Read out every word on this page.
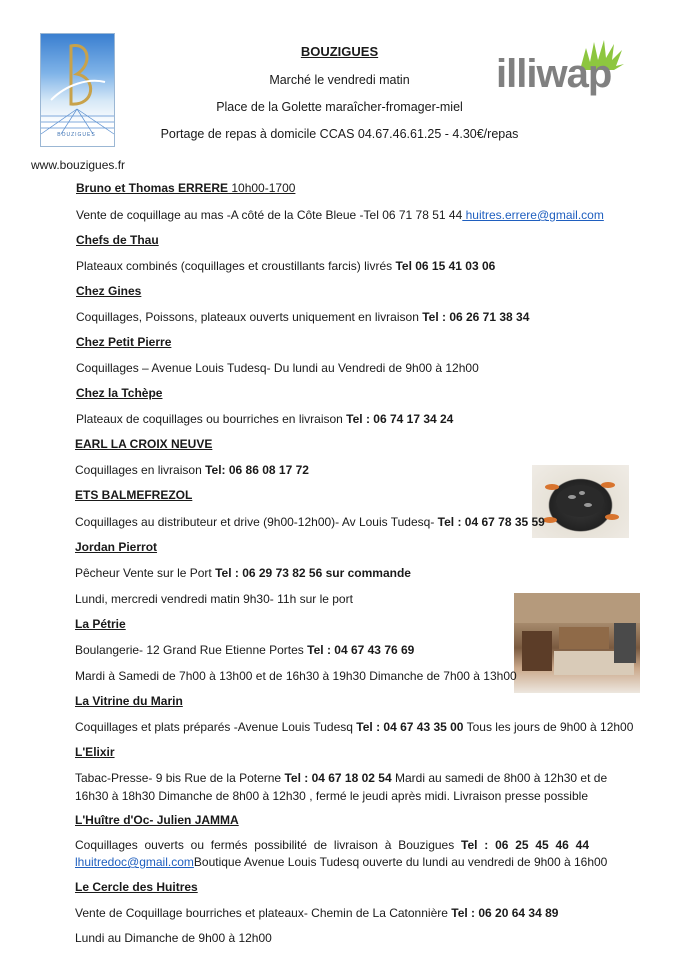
BOUZIGUES
www.bouzigues.fr
BOUZIGUES
Marché le vendredi matin
Place de la Golette maraîcher-fromager-miel
Portage de repas à domicile CCAS 04.67.46.61.25 - 4.30€/repas
illiwap
Bruno et Thomas ERRERE 10h00-1700
Vente de coquillage au mas -A côté de la Côte Bleue -Tel 06 71 78 51 44 huitres.errere@gmail.com
Chefs de Thau
Plateaux combinés (coquillages et croustillants farcis) livrés Tel 06 15 41 03 06
Chez Gines
Coquillages, Poissons, plateaux ouverts uniquement en livraison Tel : 06 26 71 38 34
Chez Petit Pierre
Coquillages – Avenue Louis Tudesq- Du lundi au Vendredi de 9h00 à 12h00
Chez la Tchèpe
Plateaux de coquillages ou bourriches en livraison Tel : 06 74 17 34 24
EARL LA CROIX NEUVE
Coquillages en livraison Tel: 06 86 08 17 72
ETS BALMEFREZOL
Coquillages au distributeur et drive (9h00-12h00)- Av Louis Tudesq- Tel : 04 67 78 35 59
Jordan Pierrot
Pêcheur Vente sur le Port Tel : 06 29 73 82 56 sur commande
Lundi, mercredi vendredi matin 9h30- 11h sur le port
La Pétrie
Boulangerie- 12 Grand Rue Etienne Portes Tel : 04 67 43 76 69
Mardi à Samedi de 7h00 à 13h00 et de 16h30 à 19h30 Dimanche de 7h00 à 13h00
La Vitrine du Marin
Coquillages et plats préparés -Avenue Louis Tudesq Tel : 04 67 43 35 00 Tous les jours de 9h00 à 12h00
L'Elixir
Tabac-Presse- 9 bis Rue de la Poterne Tel : 04 67 18 02 54 Mardi au samedi de 8h00 à 12h30 et de
16h30 à 18h30 Dimanche de 8h00 à 12h30 , fermé le jeudi après midi. Livraison presse possible
L'Huître d'Oc- Julien JAMMA
Coquillages ouverts ou fermés possibilité de livraison à Bouzigues Tel : 06 25 45 46 44
lhuitredoc@gmail.comBoutique Avenue Louis Tudesq ouverte du lundi au vendredi de 9h00 à 16h00
Le Cercle des Huitres
Vente de Coquillage bourriches et plateaux- Chemin de La Catonnière Tel : 06 20 64 34 89
Lundi au Dimanche de 9h00 à 12h00
